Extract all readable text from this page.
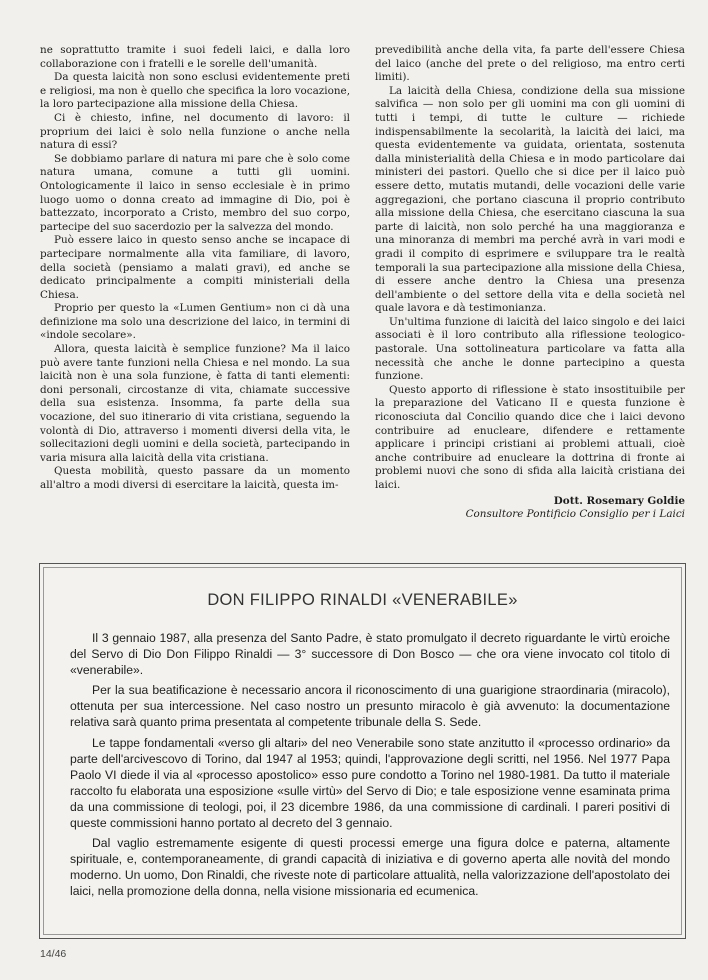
ne soprattutto tramite i suoi fedeli laici, e dalla loro collaborazione con i fratelli e le sorelle dell'umanità.

Da questa laicità non sono esclusi evidentemente preti e religiosi, ma non è quello che specifica la loro vocazione, la loro partecipazione alla missione della Chiesa.

Ci è chiesto, infine, nel documento di lavoro: il proprium dei laici è solo nella funzione o anche nella natura di essi?

Se dobbiamo parlare di natura mi pare che è solo come natura umana, comune a tutti gli uomini. Ontologicamente il laico in senso ecclesiale è in primo luogo uomo o donna creato ad immagine di Dio, poi è battezzato, incorporato a Cristo, membro del suo corpo, partecipe del suo sacerdozio per la salvezza del mondo.

Può essere laico in questo senso anche se incapace di partecipare normalmente alla vita familiare, di lavoro, della società (pensiamo a malati gravi), ed anche se dedicato principalmente a compiti ministeriali della Chiesa.

Proprio per questo la «Lumen Gentium» non ci dà una definizione ma solo una descrizione del laico, in termini di «indole secolare».

Allora, questa laicità è semplice funzione? Ma il laico può avere tante funzioni nella Chiesa e nel mondo. La sua laicità non è una sola funzione, è fatta di tanti elementi: doni personali, circostanze di vita, chiamate successive della sua esistenza. Insomma, fa parte della sua vocazione, del suo itinerario di vita cristiana, seguendo la volontà di Dio, attraverso i momenti diversi della vita, le sollecitazioni degli uomini e della società, partecipando in varia misura alla laicità della vita cristiana.

Questa mobilità, questo passare da un momento all'altro a modi diversi di esercitare la laicità, questa im-

prevedibilità anche della vita, fa parte dell'essere Chiesa del laico (anche del prete o del religioso, ma entro certi limiti).

La laicità della Chiesa, condizione della sua missione salvifica — non solo per gli uomini ma con gli uomini di tutti i tempi, di tutte le culture — richiede indispensabilmente la secolarità, la laicità dei laici, ma questa evidentemente va guidata, orientata, sostenuta dalla ministerialità della Chiesa e in modo particolare dai ministeri dei pastori. Quello che si dice per il laico può essere detto, mutatis mutandi, delle vocazioni delle varie aggregazioni, che portano ciascuna il proprio contributo alla missione della Chiesa, che esercitano ciascuna la sua parte di laicità, non solo perché ha una maggioranza e una minoranza di membri ma perché avrà in vari modi e gradi il compito di esprimere e sviluppare tra le realtà temporali la sua partecipazione alla missione della Chiesa, di essere anche dentro la Chiesa una presenza dell'ambiente o del settore della vita e della società nel quale lavora e dà testimonianza.

Un'ultima funzione di laicità del laico singolo e dei laici associati è il loro contributo alla riflessione teologico-pastorale. Una sottolineatura particolare va fatta alla necessità che anche le donne partecipino a questa funzione.

Questo apporto di riflessione è stato insostituibile per la preparazione del Vaticano II e questa funzione è riconosciuta dal Concilio quando dice che i laici devono contribuire ad enucleare, difendere e rettamente applicare i principi cristiani ai problemi attuali, cioè anche contribuire ad enucleare la dottrina di fronte ai problemi nuovi che sono di sfida alla laicità cristiana dei laici.

Dott. Rosemary Goldie
Consultore Pontificio Consiglio per i Laici
DON FILIPPO RINALDI «VENERABILE»

Il 3 gennaio 1987, alla presenza del Santo Padre, è stato promulgato il decreto riguardante le virtù eroiche del Servo di Dio Don Filippo Rinaldi — 3° successore di Don Bosco — che ora viene invocato col titolo di «venerabile».

Per la sua beatificazione è necessario ancora il riconoscimento di una guarigione straordinaria (miracolo), ottenuta per sua intercessione. Nel caso nostro un presunto miracolo è già avvenuto: la documentazione relativa sarà quanto prima presentata al competente tribunale della S. Sede.

Le tappe fondamentali «verso gli altari» del neo Venerabile sono state anzitutto il «processo ordinario» da parte dell'arcivescovo di Torino, dal 1947 al 1953; quindi, l'approvazione degli scritti, nel 1956. Nel 1977 Papa Paolo VI diede il via al «processo apostolico» esso pure condotto a Torino nel 1980-1981. Da tutto il materiale raccolto fu elaborata una esposizione «sulle virtù» del Servo di Dio; e tale esposizione venne esaminata prima da una commissione di teologi, poi, il 23 dicembre 1986, da una commissione di cardinali. I pareri positivi di queste commissioni hanno portato al decreto del 3 gennaio.

Dal vaglio estremamente esigente di questi processi emerge una figura dolce e paterna, altamente spirituale, e, contemporaneamente, di grandi capacità di iniziativa e di governo aperta alle novità del mondo moderno. Un uomo, Don Rinaldi, che riveste note di particolare attualità, nella valorizzazione dell'apostolato dei laici, nella promozione della donna, nella visione missionaria ed ecumenica.

14/46
